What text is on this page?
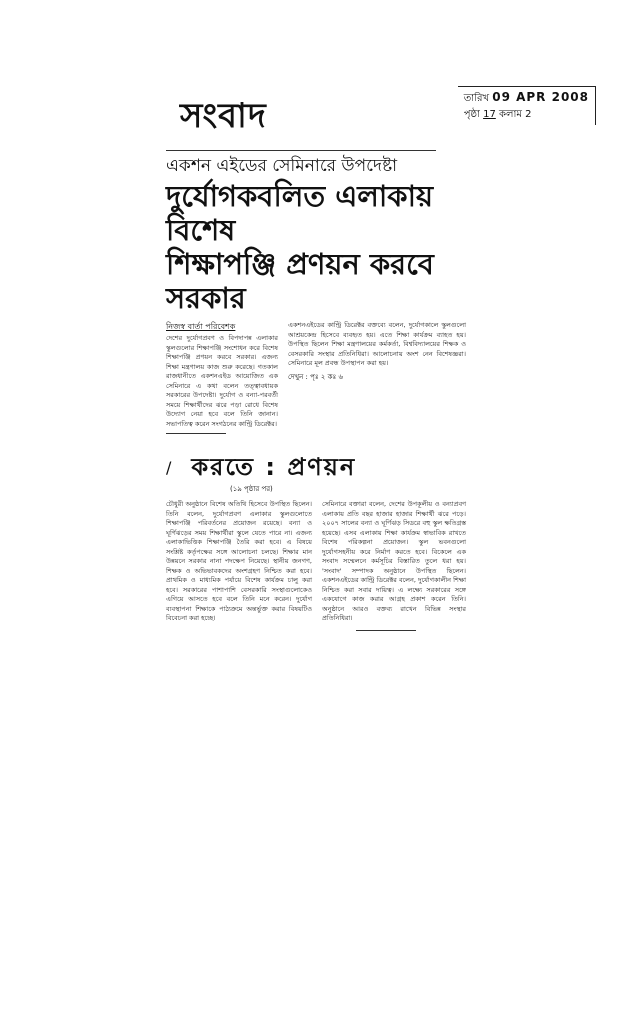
সংবাদ	তারিখ 09 APR 2008
পৃষ্ঠা 17 কলাম 2
একশন এইডের সেমিনারে উপদেষ্টা
দুর্যোগকবলিত এলাকায় বিশেষ
শিক্ষাপঞ্জি প্রণয়ন করবে সরকার
নিজস্ব বার্তা পরিবেশক
দেশের দুর্যোগপ্রবণ ও বিপদাপন্ন এলাকার স্কুলগুলোর শিক্ষাপঞ্জি সংশোধন করে বিশেষ শিক্ষাপঞ্জি প্রণয়ন করবে সরকার। এজন্য শিক্ষা মন্ত্রণালয় কাজ শুরু করেছে। গতকাল রাজধানীতে একশনএইড আয়োজিত এক সেমিনারে এ কথা বলেন তত্ত্বাবধায়ক সরকারের উপদেষ্টা। দুর্যোগ ও বন্যা-পরবর্তী সময়ে শিক্ষার্থীদের ঝরে পড়া রোধে বিশেষ উদ্যোগ নেয়া হবে বলে তিনি জানান। সভাপতিত্ব করেন সংগঠনের কান্ট্রি ডিরেক্টর।
একশনএইডের কান্ট্রি ডিরেক্টর বক্তব্যে বলেন, দুর্যোগকালে স্কুলগুলো আশ্রয়কেন্দ্র হিসেবে ব্যবহৃত হয়। এতে শিক্ষা কার্যক্রম ব্যাহত হয়। উপস্থিত ছিলেন শিক্ষা মন্ত্রণালয়ের কর্মকর্তা, বিশ্ববিদ্যালয়ের শিক্ষক ও বেসরকারি সংস্থার প্রতিনিধিরা। আলোচনায় অংশ নেন বিশেষজ্ঞরা। সেমিনারে মূল প্রবন্ধ উপস্থাপন করা হয়।
দেখুন : পৃঃ ২ কঃ ৬
/ করতে : প্রণয়ন
(১৯ পৃষ্ঠার পর)
চৌধুরী অনুষ্ঠানে বিশেষ অতিথি হিসেবে উপস্থিত ছিলেন। তিনি বলেন, দুর্যোগপ্রবণ এলাকার স্কুলগুলোতে শিক্ষাপঞ্জি পরিবর্তনের প্রয়োজন রয়েছে। বন্যা ও ঘূর্ণিঝড়ের সময় শিক্ষার্থীরা স্কুলে যেতে পারে না। এজন্য এলাকাভিত্তিক শিক্ষাপঞ্জি তৈরি করা হবে। এ বিষয়ে সংশ্লিষ্ট কর্তৃপক্ষের সঙ্গে আলোচনা চলছে। শিক্ষার মান উন্নয়নে সরকার নানা পদক্ষেপ নিয়েছে। স্থানীয় জনগণ, শিক্ষক ও অভিভাবকদের অংশগ্রহণ নিশ্চিত করা হবে। প্রাথমিক ও মাধ্যমিক পর্যায়ে বিশেষ কার্যক্রম চালু করা হবে। সরকারের পাশাপাশি বেসরকারি সংস্থাগুলোকেও এগিয়ে আসতে হবে বলে তিনি মনে করেন। দুর্যোগ ব্যবস্থাপনা শিক্ষাকে পাঠ্যক্রমে অন্তর্ভুক্ত করার বিষয়টিও বিবেচনা করা হচ্ছে।
সেমিনারে বক্তারা বলেন, দেশের উপকূলীয় ও বন্যাপ্রবণ এলাকায় প্রতি বছর হাজার হাজার শিক্ষার্থী ঝরে পড়ে। ২০০৭ সালের বন্যা ও ঘূর্ণিঝড় সিডরে বহু স্কুল ক্ষতিগ্রস্ত হয়েছে। এসব এলাকায় শিক্ষা কার্যক্রম স্বাভাবিক রাখতে বিশেষ পরিকল্পনা প্রয়োজন। স্কুল ভবনগুলো দুর্যোগসহনীয় করে নির্মাণ করতে হবে। বিকেলে এক সংবাদ সম্মেলনে কর্মসূচির বিস্তারিত তুলে ধরা হয়। 'সংবাদ' সম্পাদক অনুষ্ঠানে উপস্থিত ছিলেন। একশনএইডের কান্ট্রি ডিরেক্টর বলেন, দুর্যোগকালীন শিক্ষা নিশ্চিত করা সবার দায়িত্ব। এ লক্ষ্যে সরকারের সঙ্গে একযোগে কাজ করার আগ্রহ প্রকাশ করেন তিনি। অনুষ্ঠানে আরও বক্তব্য রাখেন বিভিন্ন সংস্থার প্রতিনিধিরা।
